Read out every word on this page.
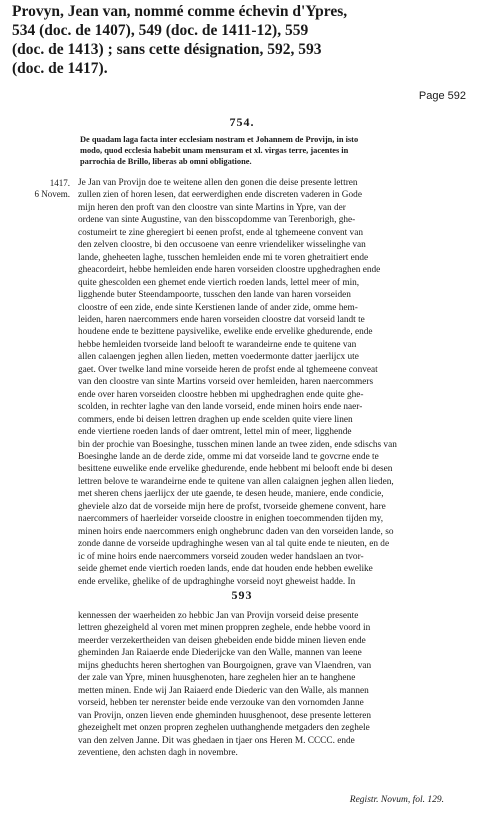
Provyn, Jean van, nommé comme échevin d'Ypres,
534 (doc. de 1407), 549 (doc. de 1411-12), 559
(doc. de 1413) ; sans cette désignation, 592, 593
(doc. de 1417).
Page 592
754.
De quadam laga facta inter ecclesiam nostram et Johannem de Provijn, in isto
modo, quod ecclesia habebit unam mensuram et xl. virgas terre, jacentes in
parrochia de Brillo, liberas ab omni obligatione.
1417.
6 Novem.
Je Jan van Provijn doe te weitene allen den gonen die deise presente lettren
zullen zien of horen lesen, dat eerwerdighen ende discreten vaderen in Gode
mijn heren den proft van den cloostre van sinte Martins in Ypre, van der
ordene van sinte Augustine, van den bisscopdomme van Terenborigh, ghe-
costumeirt te zine gheregiert bi eenen profst, ende al tghemeene convent van
den zelven cloostre, bi den occusoene van eenre vriendeliker wisselinghe van
lande, gheheeten laghe, tusschen hemleiden ende mi te voren ghetraitiert ende
gheacordeirt, hebbe hemleiden ende haren vorseiden cloostre upghedraghen ende
quite ghescolden een ghemet ende viertich roeden lands, lettel meer of min,
ligghende buter Steendampoorte, tusschen den lande van haren vorseiden
cloostre of een zide, ende sinte Kerstienen lande of ander zide, omme hem-
leiden, haren naercommers ende haren vorseiden cloostre dat vorseid landt te
houdene ende te bezittene paysivelike, ewelike ende ervelike ghedurende, ende
hebbe hemleiden tvorseide land belooft te warandeirne ende te quitene van
allen calaengen jeghen allen lieden, metten voedermonte datter jaerlijcx ute
gaet. Over twelke land mine vorseide heren de profst ende al tghemeene conveat
van den cloostre van sinte Martins vorseid over hemleiden, haren naercommers
ende over haren vorseiden cloostre hebben mi upghedraghen ende quite ghe-
scolden, in rechter laghe van den lande vorseid, ende minen hoirs ende naer-
commers, ende bi deisen lettren draghen up ende scelden quite viere linen
ende viertiene roeden lands of daer omtrent, lettel min of meer, ligghende
bin der prochie van Boesinghe, tusschen minen lande an twee ziden, ende sdischs van
Boesinghe lande an de derde zide, omme mi dat vorseide land te govcrne ende te
besittene euwelike ende ervelike ghedurende, ende hebbent mi belooft ende bi desen
lettren belove te warandeirne ende te quitene van allen calaignen jeghen allen lieden,
met sheren chens jaerlijcx der ute gaende, te desen heude, maniere, ende condicie,
gheviele alzo dat de vorseide mijn here de profst, tvorseide ghemene convent, hare
naercommers of haerleider vorseide cloostre in enighen toecommenden tijden my,
minen hoirs ende naercommers enigh onghebrunc daden van den vorseiden lande, so
zonde danne de vorseide updraghinghe wesen van al tal quite ende te nieuten, en de
ic of mine hoirs ende naercommers vorseid zouden weder handslaen an tvor-
seide ghemet ende viertich roeden lands, ende dat houden ende hebben ewelike
ende ervelike, ghelike of de updraghinghe vorseid noyt gheweist hadde. In
593
kennessen der waerheiden zo hebbic Jan van Provijn vorseid deise presente
lettren ghezeigheld al voren met minen proppren zeghele, ende hebbe voord in
meerder verzekertheiden van deisen ghebeiden ende bidde minen lieven ende
gheminden Jan Raiaerde ende Diederijcke van den Walle, mannen van leene
mijns gheduchts heren shertoghen van Bourgoignen, grave van Vlaendren, van
der zale van Ypre, minen huusghenoten, hare zeghelen hier an te hanghene
metten minen. Ende wij Jan Raiaerd ende Diederic van den Walle, als mannen
vorseid, hebben ter nerenster beide ende verzouke van den vornomden Janne
van Provijn, onzen lieven ende gheminden huusghenoot, dese presente letteren
ghezeighelt met onzen propren zeghelen uuthanghende metgaders den zeghele
van den zelven Janne. Dit was ghedaen in tjaer ons Heren M. CCCC. ende
zeventiene, den achsten dagh in novembre.
Registr. Novum, fol. 129.
